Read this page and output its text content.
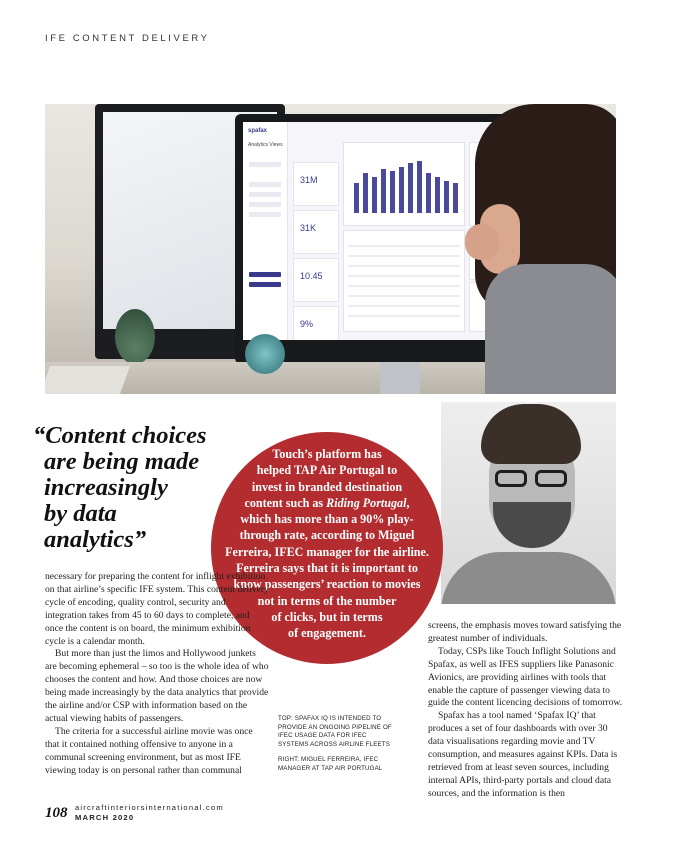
IFE CONTENT DELIVERY
spafax
Analytics Views
31M
31K
10.45
9%
“Content choices
are being made
increasingly
by data
analytics”
Touch’s platform has
helped TAP Air Portugal to
invest in branded destination
content such as Riding Portugal,
which has more than a 90% play-
through rate, according to Miguel
Ferreira, IFEC manager for the airline.
Ferreira says that it is important to
know passengers’ reaction to movies
not in terms of the number
of clicks, but in terms
of engagement.

necessary for preparing the content for inflight exhibition on that airline’s specific IFE system. This content delivery cycle of encoding, quality control, security and integration takes from 45 to 60 days to complete, and once the content is on board, the minimum exhibition cycle is a calendar month.

But more than just the limos and Hollywood junkets are becoming ephemeral – so too is the whole idea of who chooses the content and how. And those choices are now being made increasingly by the data analytics that provide the airline and/or CSP with information based on the actual viewing habits of passengers.

The criteria for a successful airline movie was once that it contained nothing offensive to anyone in a communal screening environment, but as most IFE viewing today is on personal rather than communal

TOP: SPAFAX IQ IS INTENDED TO PROVIDE AN ONGOING PIPELINE OF IFEC USAGE DATA FOR IFEC SYSTEMS ACROSS AIRLINE FLEETS

RIGHT: MIGUEL FERREIRA, IFEC MANAGER AT TAP AIR PORTUGAL

screens, the emphasis moves toward satisfying the greatest number of individuals.

Today, CSPs like Touch Inflight Solutions and Spafax, as well as IFES suppliers like Panasonic Avionics, are providing airlines with tools that enable the capture of passenger viewing data to guide the content licencing decisions of tomorrow.

Spafax has a tool named ‘Spafax IQ’ that produces a set of four dashboards with over 30 data visualisations regarding movie and TV consumption, and measures against KPIs. Data is retrieved from at least seven sources, including internal APIs, third-party portals and cloud data sources, and the information is then

108 aircraftinteriorsinternational.com
MARCH 2020
